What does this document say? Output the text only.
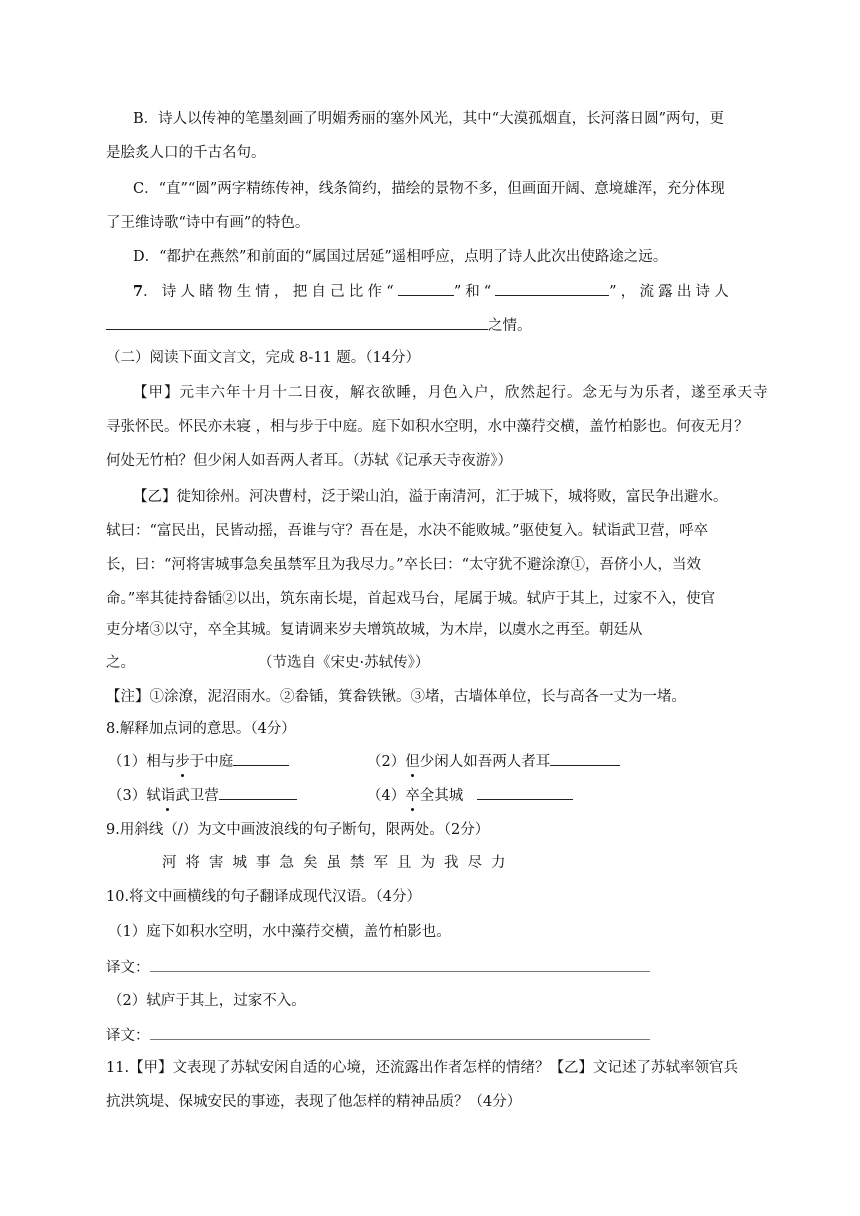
B．诗人以传神的笔墨刻画了明媚秀丽的塞外风光，其中“大漠孤烟直，长河落日圆”两句，更
是脍炙人口的千古名句。
C．“直”“圆”两字精练传神，线条简约，描绘的景物不多，但画面开阔、意境雄浑，充分体现
了王维诗歌“诗中有画”的特色。
D．“都护在燕然”和前面的“属国过居延”遥相呼应，点明了诗人此次出使路途之远。
7．诗人睹物生情，把自己比作“	”和“	”，流露出诗人
之情。
（二）阅读下面文言文，完成 8-11 题。（14分）
【甲】元丰六年十月十二日夜，解衣欲睡，月色入户，欣然起行。念无与为乐者，遂至承天寺
寻张怀民。怀民亦未寝 ，相与步于中庭。庭下如积水空明，水中藻荇交横，盖竹柏影也。何夜无月？
何处无竹柏？但少闲人如吾两人者耳。（苏轼《记承天寺夜游》）
【乙】徙知徐州。河决曹村，泛于梁山泊，溢于南清河，汇于城下，城将败，富民争出避水。
轼曰：“富民出，民皆动摇，吾谁与守？吾在是，水决不能败城。”驱使复入。轼诣武卫营，呼卒
长，曰：“河将害城事急矣虽禁军且为我尽力。”卒长曰：“太守犹不避涂潦①，吾侪小人，当效
命。”率其徒持畚锸②以出，筑东南长堤，首起戏马台，尾属于城。轼庐于其上，过家不入，使官
吏分堵③以守，卒全其城。复请调来岁夫增筑故城，为木岸，以虞水之再至。朝廷从
之。	（节选自《宋史·苏轼传》）
【注】①涂潦，泥沼雨水。②畚锸，箕畚铁锹。③堵，古墙体单位，长与高各一丈为一堵。
8.解释加点词的意思。（4分）
（1）相与步于中庭	（2）但少闲人如吾两人者耳
（3）轼诣武卫营	（4）卒全其城
9.用斜线（/）为文中画波浪线的句子断句，限两处。（2分）
河将害城事急矣虽禁军且为我尽力
10.将文中画横线的句子翻译成现代汉语。（4分）
（1）庭下如积水空明，水中藻荇交横，盖竹柏影也。
译文：
（2）轼庐于其上，过家不入。
译文：
11.【甲】文表现了苏轼安闲自适的心境，还流露出作者怎样的情绪？【乙】文记述了苏轼率领官兵
抗洪筑堤、保城安民的事迹，表现了他怎样的精神品质？（4分）
